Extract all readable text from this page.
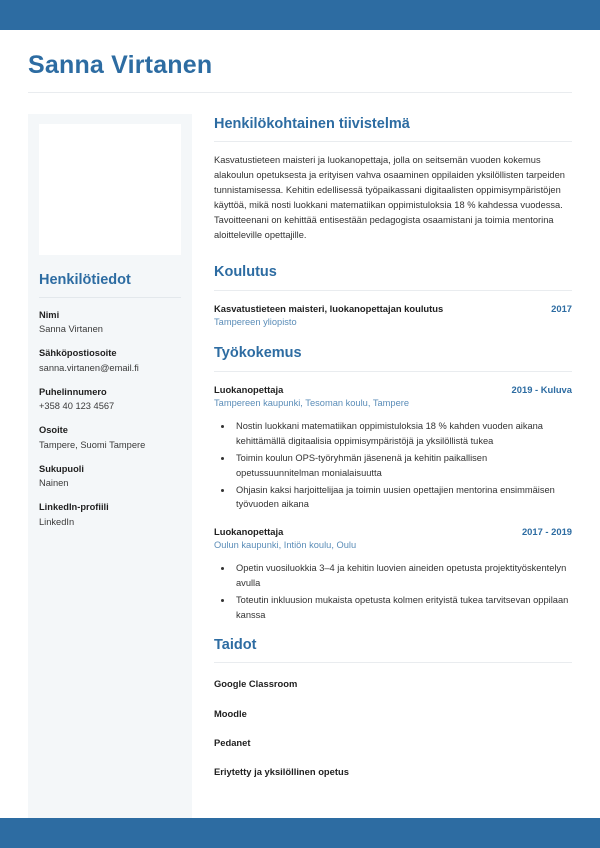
Sanna Virtanen
Henkilötiedot
Nimi
Sanna Virtanen
Sähköpostiosoite
sanna.virtanen@email.fi
Puhelinnumero
+358 40 123 4567
Osoite
Tampere, Suomi Tampere
Sukupuoli
Nainen
LinkedIn-profiili
LinkedIn
Henkilökohtainen tiivistelmä

Kasvatustieteen maisteri ja luokanopettaja, jolla on seitsemän vuoden kokemus alakoulun opetuksesta ja erityisen vahva osaaminen oppilaiden yksilöllisten tarpeiden tunnistamisessa. Kehitin edellisessä työpaikassani digitaalisten oppimisympäristöjen käyttöä, mikä nosti luokkani matematiikan oppimistuloksia 18 % kahdessa vuodessa. Tavoitteenani on kehittää entisestään pedagogista osaamistani ja toimia mentorina aloitteleville opettajille.

Koulutus
Kasvatustieteen maisteri, luokanopettajan koulutus	2017
Tampereen yliopisto
Työkokemus
Luokanopettaja	2019 - Kuluva
Tampereen kaupunki, Tesoman koulu, Tampere
• Nostin luokkani matematiikan oppimistuloksia 18 % kahden vuoden aikana kehittämällä digitaalisia oppimisympäristöjä ja yksilöllistä tukea
• Toimin koulun OPS-työryhmän jäsenenä ja kehitin paikallisen opetussuunnitelman monialaisuutta
• Ohjasin kaksi harjoittelijaa ja toimin uusien opettajien mentorina ensimmäisen työvuoden aikana
Luokanopettaja	2017 - 2019
Oulun kaupunki, Intiön koulu, Oulu
• Opetin vuosiluokkia 3–4 ja kehitin luovien aineiden opetusta projektityöskentelyn avulla
• Toteutin inkluusion mukaista opetusta kolmen erityistä tukea tarvitsevan oppilaan kanssa
Taidot
Google Classroom
Moodle
Pedanet
Eriytetty ja yksilöllinen opetus
